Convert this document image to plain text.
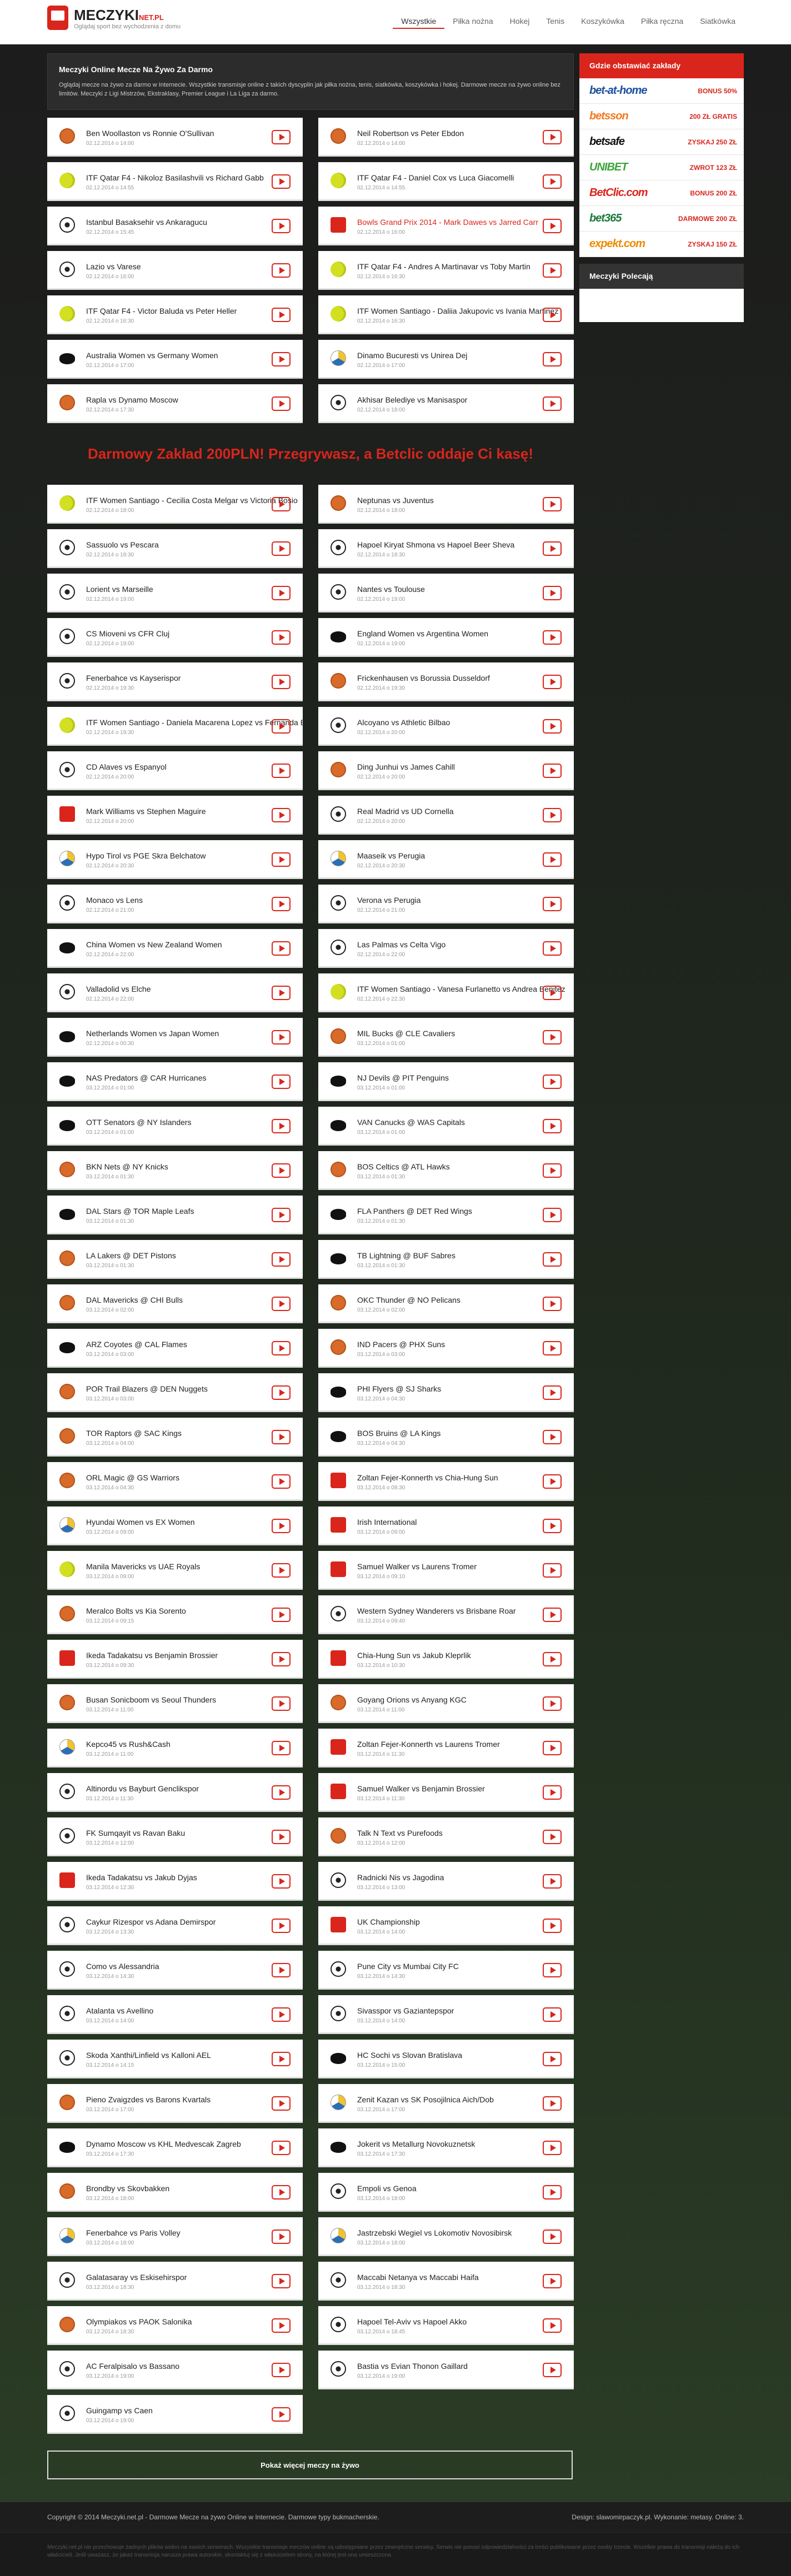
MECZYKINET.PL
Oglądaj sport bez wychodzenia z domu
Wszystkie	Piłka nożna	Hokej	Tenis	Koszykówka	Piłka ręczna	Siatkówka
Meczyki Online Mecze Na Żywo Za Darmo
Oglądaj mecze na żywo za darmo w Internecie. Wszystkie transmisje online z takich dyscyplin jak piłka nożna, tenis, siatkówka, koszykówka i hokej. Darmowe mecze na żywo online bez limitów. Meczyki z Ligi Mistrzów, Ekstraklasy, Premier League i La Liga za darmo.
Ben Woollaston vs Ronnie O'Sullivan
02.12.2014 o 14:00
Neil Robertson vs Peter Ebdon
02.12.2014 o 14:00
ITF Qatar F4 - Nikoloz Basilashvili vs Richard Gabb
02.12.2014 o 14:55
ITF Qatar F4 - Daniel Cox vs Luca Giacomelli
02.12.2014 o 14:55
Istanbul Basaksehir vs Ankaragucu
02.12.2014 o 15:45
Bowls Grand Prix 2014 - Mark Dawes vs Jarred Carr
02.12.2014 o 16:00
Lazio vs Varese
02.12.2014 o 16:00
ITF Qatar F4 - Andres A Martinavar vs Toby Martin
02.12.2014 o 16:30
ITF Qatar F4 - Victor Baluda vs Peter Heller
02.12.2014 o 16:30
ITF Women Santiago - Daliia Jakupovic vs Ivania Martinez
02.12.2014 o 16:30
Australia Women vs Germany Women
02.12.2014 o 17:00
Dinamo Bucuresti vs Unirea Dej
02.12.2014 o 17:00
Rapla vs Dynamo Moscow
02.12.2014 o 17:30
Akhisar Belediye vs Manisaspor
02.12.2014 o 18:00
Darmowy Zakład 200PLN! Przegrywasz, a Betclic oddaje Ci kasę!
ITF Women Santiago - Cecilia Costa Melgar vs Victoria Bosio
02.12.2014 o 18:00
Neptunas vs Juventus
02.12.2014 o 18:00
Sassuolo vs Pescara
02.12.2014 o 18:30
Hapoel Kiryat Shmona vs Hapoel Beer Sheva
02.12.2014 o 18:30
Lorient vs Marseille
02.12.2014 o 19:00
Nantes vs Toulouse
02.12.2014 o 19:00
CS Mioveni vs CFR Cluj
02.12.2014 o 19:00
England Women vs Argentina Women
02.12.2014 o 19:00
Fenerbahce vs Kayserispor
02.12.2014 o 19:30
Frickenhausen vs Borussia Dusseldorf
02.12.2014 o 19:30
ITF Women Santiago - Daniela Macarena Lopez vs Fernanda Brito
02.12.2014 o 19:30
Alcoyano vs Athletic Bilbao
02.12.2014 o 20:00
CD Alaves vs Espanyol
02.12.2014 o 20:00
Ding Junhui vs James Cahill
02.12.2014 o 20:00
Mark Williams vs Stephen Maguire
02.12.2014 o 20:00
Real Madrid vs UD Cornella
02.12.2014 o 20:00
Hypo Tirol vs PGE Skra Belchatow
02.12.2014 o 20:30
Maaseik vs Perugia
02.12.2014 o 20:30
Monaco vs Lens
02.12.2014 o 21:00
Verona vs Perugia
02.12.2014 o 21:00
China Women vs New Zealand Women
02.12.2014 o 22:00
Las Palmas vs Celta Vigo
02.12.2014 o 22:00
Valladolid vs Elche
02.12.2014 o 22:00
ITF Women Santiago - Vanesa Furlanetto vs Andrea Benitez
02.12.2014 o 22:30
Netherlands Women vs Japan Women
02.12.2014 o 00:30
MIL Bucks @ CLE Cavaliers
03.12.2014 o 01:00
NAS Predators @ CAR Hurricanes
03.12.2014 o 01:00
NJ Devils @ PIT Penguins
03.12.2014 o 01:00
OTT Senators @ NY Islanders
03.12.2014 o 01:00
VAN Canucks @ WAS Capitals
03.12.2014 o 01:00
BKN Nets @ NY Knicks
03.12.2014 o 01:30
BOS Celtics @ ATL Hawks
03.12.2014 o 01:30
DAL Stars @ TOR Maple Leafs
03.12.2014 o 01:30
FLA Panthers @ DET Red Wings
03.12.2014 o 01:30
LA Lakers @ DET Pistons
03.12.2014 o 01:30
TB Lightning @ BUF Sabres
03.12.2014 o 01:30
DAL Mavericks @ CHI Bulls
03.12.2014 o 02:00
OKC Thunder @ NO Pelicans
03.12.2014 o 02:00
ARZ Coyotes @ CAL Flames
03.12.2014 o 03:00
IND Pacers @ PHX Suns
03.12.2014 o 03:00
POR Trail Blazers @ DEN Nuggets
03.12.2014 o 03:00
PHI Flyers @ SJ Sharks
03.12.2014 o 04:30
TOR Raptors @ SAC Kings
03.12.2014 o 04:00
BOS Bruins @ LA Kings
03.12.2014 o 04:30
ORL Magic @ GS Warriors
03.12.2014 o 04:30
Zoltan Fejer-Konnerth vs Chia-Hung Sun
03.12.2014 o 08:30
Hyundai Women vs EX Women
03.12.2014 o 09:00
Irish International
03.12.2014 o 09:00
Manila Mavericks vs UAE Royals
03.12.2014 o 09:00
Samuel Walker vs Laurens Tromer
03.12.2014 o 09:10
Meralco Bolts vs Kia Sorento
03.12.2014 o 09:15
Western Sydney Wanderers vs Brisbane Roar
03.12.2014 o 09:40
Ikeda Tadakatsu vs Benjamin Brossier
03.12.2014 o 09:30
Chia-Hung Sun vs Jakub Kleprlik
03.12.2014 o 10:30
Busan Sonicboom vs Seoul Thunders
03.12.2014 o 11:00
Goyang Orions vs Anyang KGC
03.12.2014 o 11:00
Kepco45 vs Rush&Cash
03.12.2014 o 11:00
Zoltan Fejer-Konnerth vs Laurens Tromer
03.12.2014 o 11:30
Altinordu vs Bayburt Genclikspor
03.12.2014 o 11:30
Samuel Walker vs Benjamin Brossier
03.12.2014 o 11:30
FK Sumqayit vs Ravan Baku
03.12.2014 o 12:00
Talk N Text vs Purefoods
03.12.2014 o 12:00
Ikeda Tadakatsu vs Jakub Dyjas
03.12.2014 o 12:30
Radnicki Nis vs Jagodina
03.12.2014 o 13:00
Caykur Rizespor vs Adana Demirspor
03.12.2014 o 13:30
UK Championship
03.12.2014 o 14:00
Como vs Alessandria
03.12.2014 o 14:30
Pune City vs Mumbai City FC
03.12.2014 o 14:30
Atalanta vs Avellino
03.12.2014 o 14:00
Sivasspor vs Gaziantepspor
03.12.2014 o 14:00
Skoda Xanthi/Linfield vs Kalloni AEL
03.12.2014 o 14:15
HC Sochi vs Slovan Bratislava
03.12.2014 o 15:00
Pieno Zvaigzdes vs Barons Kvartals
03.12.2014 o 17:00
Zenit Kazan vs SK Posojilnica Aich/Dob
03.12.2014 o 17:00
Dynamo Moscow vs KHL Medvescak Zagreb
03.12.2014 o 17:30
Jokerit vs Metallurg Novokuznetsk
03.12.2014 o 17:30
Brondby vs Skovbakken
03.12.2014 o 18:00
Empoli vs Genoa
03.12.2014 o 18:00
Fenerbahce vs Paris Volley
03.12.2014 o 18:00
Jastrzebski Wegiel vs Lokomotiv Novosibirsk
03.12.2014 o 18:00
Galatasaray vs Eskisehirspor
03.12.2014 o 18:30
Maccabi Netanya vs Maccabi Haifa
03.12.2014 o 18:30
Olympiakos vs PAOK Salonika
03.12.2014 o 18:30
Hapoel Tel-Aviv vs Hapoel Akko
03.12.2014 o 18:45
AC Feralpisalo vs Bassano
03.12.2014 o 19:00
Bastia vs Evian Thonon Gaillard
03.12.2014 o 19:00
Guingamp vs Caen
03.12.2014 o 19:00
Pokaż więcej meczy na żywo
Gdzie obstawiać zakłady
bet-at-home	BONUS 50%
betsson	200 ZŁ GRATIS
betsafe	ZYSKAJ 250 ZŁ
UNIBET	ZWROT 123 ZŁ
BetClic.com	BONUS 200 ZŁ
bet365	DARMOWE 200 ZŁ
expekt.com	ZYSKAJ 150 ZŁ
Meczyki Polecają
Copyright © 2014 Meczyki.net.pl - Darmowe Mecze na żywo Online w Internecie. Darmowe typy bukmacherskie.	Design: slawomirpaczyk.pl. Wykonanie: metasy. Online: 3.
Meczyki.net.pl nie przechowuje żadnych plików wideo na swoich serwerach. Wszystkie transmisje meczów online są udostępniane przez zewnętrzne serwisy. Serwis nie ponosi odpowiedzialności za treści publikowane przez osoby trzecie. Wszelkie prawa do transmisji należą do ich właścicieli. Jeśli uważasz, że jakaś transmisja narusza prawa autorskie, skontaktuj się z właścicielem strony, na której jest ona umieszczona.
